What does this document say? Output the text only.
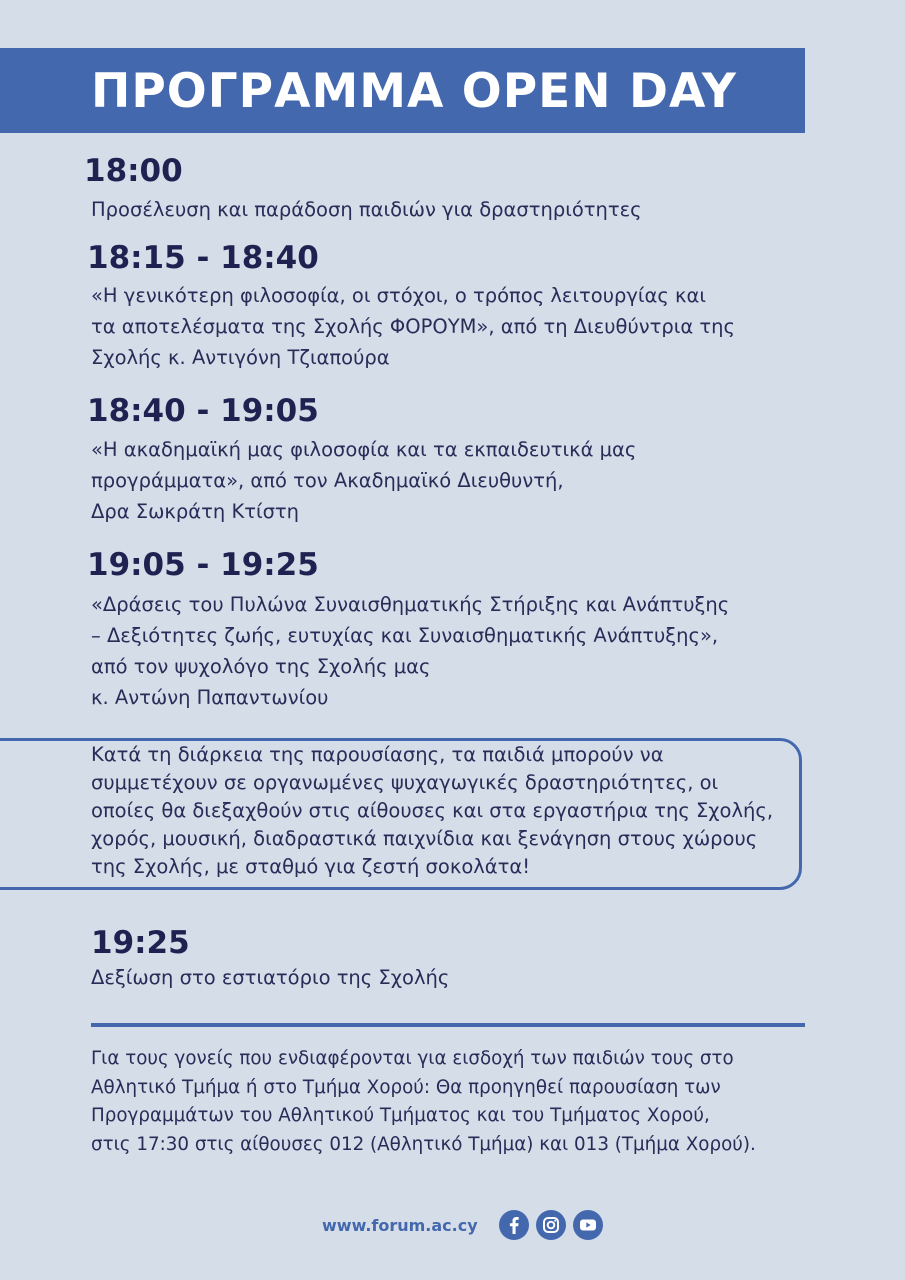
ΠΡΟΓΡΑΜΜΑ OPEN DAY
18:00
Προσέλευση και παράδοση παιδιών για δραστηριότητες
18:15 - 18:40
«Η γενικότερη φιλοσοφία, οι στόχοι, ο τρόπος λειτουργίας και
τα αποτελέσματα της Σχολής ΦΟΡΟΥΜ», από τη Διευθύντρια της
Σχολής κ. Αντιγόνη Τζιαπούρα
18:40 - 19:05
«Η ακαδημαϊκή μας φιλοσοφία και τα εκπαιδευτικά μας
προγράμματα», από τον Ακαδημαϊκό Διευθυντή,
Δρα Σωκράτη Κτίστη
19:05 - 19:25
«Δράσεις του Πυλώνα Συναισθηματικής Στήριξης και Ανάπτυξης
– Δεξιότητες ζωής, ευτυχίας και Συναισθηματικής Ανάπτυξης»,
από τον ψυχολόγο της Σχολής μας
κ. Αντώνη Παπαντωνίου
Κατά τη διάρκεια της παρουσίασης, τα παιδιά μπορούν να
συμμετέχουν σε οργανωμένες ψυχαγωγικές δραστηριότητες, οι
οποίες θα διεξαχθούν στις αίθουσες και στα εργαστήρια της Σχολής,
χορός, μουσική, διαδραστικά παιχνίδια και ξενάγηση στους χώρους
της Σχολής, με σταθμό για ζεστή σοκολάτα!
19:25
Δεξίωση στο εστιατόριο της Σχολής
Για τους γονείς που ενδιαφέρονται για εισδοχή των παιδιών τους στο
Αθλητικό Τμήμα ή στο Τμήμα Χορού: Θα προηγηθεί παρουσίαση των
Προγραμμάτων του Αθλητικού Τμήματος και του Τμήματος Χορού,
στις 17:30 στις αίθουσες 012 (Αθλητικό Τμήμα) και 013 (Τμήμα Χορού).
www.forum.ac.cy
